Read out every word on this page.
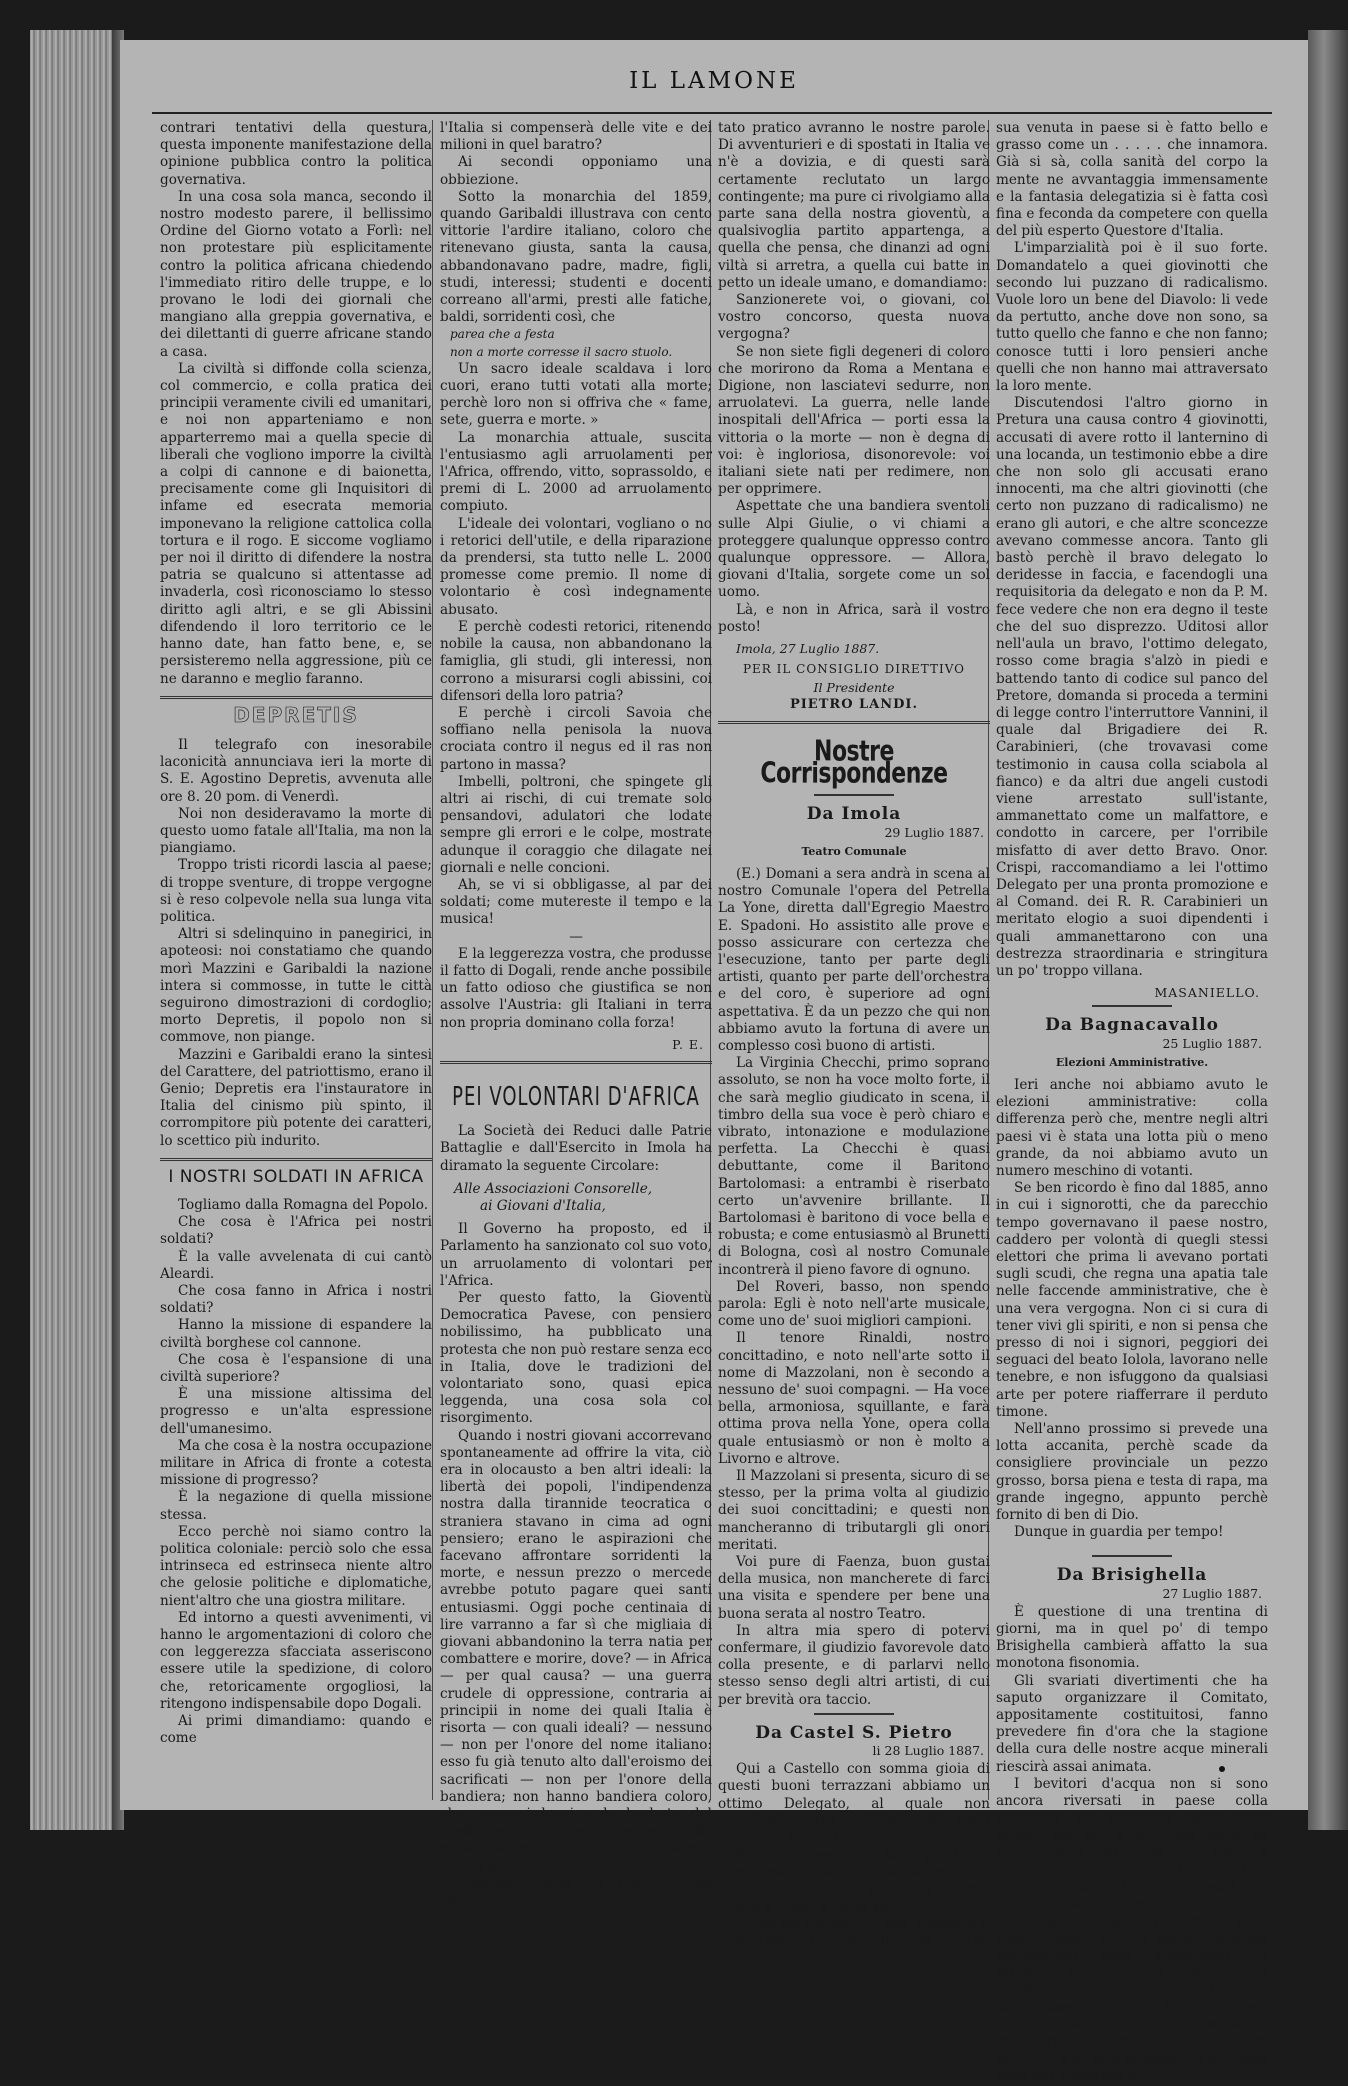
IL LAMONE

contrari tentativi della questura, questa imponente manifestazione della opinione pubblica contro la politica governativa.

In una cosa sola manca, secondo il nostro modesto parere, il bellissimo Ordine del Giorno votato a Forlì: nel non protestare più esplicitamente contro la politica africana chiedendo l'immediato ritiro delle truppe, e lo provano le lodi dei giornali che mangiano alla greppia governativa, e dei dilettanti di guerre africane stando a casa.

La civiltà si diffonde colla scienza, col commercio, e colla pratica dei principii veramente civili ed umanitari, e noi non apparteniamo e non apparterremo mai a quella specie di liberali che vogliono imporre la civiltà a colpi di cannone e di baionetta, precisamente come gli Inquisitori di infame ed esecrata memoria imponevano la religione cattolica colla tortura e il rogo. E siccome vogliamo per noi il diritto di difendere la nostra patria se qualcuno si attentasse ad invaderla, così riconosciamo lo stesso diritto agli altri, e se gli Abissini difendendo il loro territorio ce le hanno date, han fatto bene, e, se persisteremo nella aggressione, più ce ne daranno e meglio faranno.

DEPRETIS

Il telegrafo con inesorabile laconicità annunciava ieri la morte di S. E. Agostino Depretis, avvenuta alle ore 8. 20 pom. di Venerdì.

Noi non desideravamo la morte di questo uomo fatale all'Italia, ma non la piangiamo.

Troppo tristi ricordi lascia al paese; di troppe sventure, di troppe vergogne si è reso colpevole nella sua lunga vita politica.

Altri si sdelinquino in panegirici, in apoteosi: noi constatiamo che quando morì Mazzini e Garibaldi la nazione intera si commosse, in tutte le città seguirono dimostrazioni di cordoglio; morto Depretis, il popolo non si commove, non piange.

Mazzini e Garibaldi erano la sintesi del Carattere, del patriottismo, erano il Genio; Depretis era l'instauratore in Italia del cinismo più spinto, il corrompitore più potente dei caratteri, lo scettico più indurito.

I NOSTRI SOLDATI IN AFRICA

Togliamo dalla Romagna del Popolo.

Che cosa è l'Africa pei nostri soldati?

È la valle avvelenata di cui cantò Aleardi.

Che cosa fanno in Africa i nostri soldati?

Hanno la missione di espandere la civiltà borghese col cannone.

Che cosa è l'espansione di una civiltà superiore?

È una missione altissima del progresso e un'alta espressione dell'umanesimo.

Ma che cosa è la nostra occupazione militare in Africa di fronte a cotesta missione di progresso?

È la negazione di quella missione stessa.

Ecco perchè noi siamo contro la politica coloniale: perciò solo che essa intrinseca ed estrinseca niente altro che gelosie politiche e diplomatiche, nient'altro che una giostra militare.

Ed intorno a questi avvenimenti, vi hanno le argomentazioni di coloro che con leggerezza sfacciata asseriscono essere utile la spedizione, di coloro che, retoricamente orgogliosi, la ritengono indispensabile dopo Dogali.

Ai primi dimandiamo: quando e come

l'Italia si compenserà delle vite e dei milioni in quel baratro?

Ai secondi opponiamo una obbiezione.

Sotto la monarchia del 1859, quando Garibaldi illustrava con cento vittorie l'ardire italiano, coloro che ritenevano giusta, santa la causa, abbandonavano padre, madre, figli, studi, interessi; studenti e docenti correano all'armi, presti alle fatiche, baldi, sorridenti così, che

parea che a festa

non a morte corresse il sacro stuolo.

Un sacro ideale scaldava i loro cuori, erano tutti votati alla morte; perchè loro non si offriva che « fame, sete, guerra e morte. »

La monarchia attuale, suscita l'entusiasmo agli arruolamenti per l'Africa, offrendo, vitto, soprassoldo, e premi di L. 2000 ad arruolamento compiuto.

L'ideale dei volontari, vogliano o no i retorici dell'utile, e della riparazione da prendersi, sta tutto nelle L. 2000 promesse come premio. Il nome di volontario è così indegnamente abusato.

E perchè codesti retorici, ritenendo nobile la causa, non abbandonano la famiglia, gli studi, gli interessi, non corrono a misurarsi cogli abissini, coi difensori della loro patria?

E perchè i circoli Savoia che soffiano nella penisola la nuova crociata contro il negus ed il ras non partono in massa?

Imbelli, poltroni, che spingete gli altri ai rischi, di cui tremate solo pensandovi, adulatori che lodate sempre gli errori e le colpe, mostrate adunque il coraggio che dilagate nei giornali e nelle concioni.

Ah, se vi si obbligasse, al par dei soldati; come mutereste il tempo e la musica!

—

E la leggerezza vostra, che produsse il fatto di Dogali, rende anche possibile un fatto odioso che giustifica se non assolve l'Austria: gli Italiani in terra non propria dominano colla forza!

P. E.
PEI VOLONTARI D'AFRICA

La Società dei Reduci dalle Patrie Battaglie e dall'Esercito in Imola ha diramato la seguente Circolare:

Alle Associazioni Consorelle,

ai Giovani d'Italia,

Il Governo ha proposto, ed il Parlamento ha sanzionato col suo voto, un arruolamento di volontari per l'Africa.

Per questo fatto, la Gioventù Democratica Pavese, con pensiero nobilissimo, ha pubblicato una protesta che non può restare senza eco in Italia, dove le tradizioni del volontariato sono, quasi epica leggenda, una cosa sola col risorgimento.

Quando i nostri giovani accorrevano spontaneamente ad offrire la vita, ciò era in olocausto a ben altri ideali: la libertà dei popoli, l'indipendenza nostra dalla tirannide teocratica o straniera stavano in cima ad ogni pensiero; erano le aspirazioni che facevano affrontare sorridenti la morte, e nessun prezzo o mercede avrebbe potuto pagare quei santi entusiasmi. Oggi poche centinaia di lire varranno a far sì che migliaia di giovani abbandonino la terra natia per combattere e morire, dove? — in Africa — per qual causa? — una guerra crudele di oppressione, contraria ai principii in nome dei quali Italia è risorta — con quali ideali? — nessuno — non per l'onore del nome italiano: esso fu già tenuto alto dall'eroismo dei sacrificati — non per l'onore della bandiera; non hanno bandiera coloro, che, come i lanzi e le barbute del medio evo, o come i mercenari del papa, mettono a prezzo il loro braccio; in una parola, sono assoldati.

Sappiamo bene che poco o niun risul-

tato pratico avranno le nostre parole. Di avventurieri e di spostati in Italia ve n'è a dovizia, e di questi sarà certamente reclutato un largo contingente; ma pure ci rivolgiamo alla parte sana della nostra gioventù, a qualsivoglia partito appartenga, a quella che pensa, che dinanzi ad ogni viltà si arretra, a quella cui batte in petto un ideale umano, e domandiamo:

Sanzionerete voi, o giovani, col vostro concorso, questa nuova vergogna?

Se non siete figli degeneri di coloro che morirono da Roma a Mentana e Digione, non lasciatevi sedurre, non arruolatevi. La guerra, nelle lande inospitali dell'Africa — porti essa la vittoria o la morte — non è degna di voi: è ingloriosa, disonorevole: voi italiani siete nati per redimere, non per opprimere.

Aspettate che una bandiera sventoli sulle Alpi Giulie, o vi chiami a proteggere qualunque oppresso contro qualunque oppressore. — Allora, giovani d'Italia, sorgete come un sol uomo.

Là, e non in Africa, sarà il vostro posto!

Imola, 27 Luglio 1887.

PER IL CONSIGLIO DIRETTIVO
Il Presidente
PIETRO LANDI.
Nostre Corrispondenze
Da Imola
29 Luglio 1887.
Teatro Comunale

(E.) Domani a sera andrà in scena al nostro Comunale l'opera del Petrella La Yone, diretta dall'Egregio Maestro E. Spadoni. Ho assistito alle prove e posso assicurare con certezza che l'esecuzione, tanto per parte degli artisti, quanto per parte dell'orchestra e del coro, è superiore ad ogni aspettativa. È da un pezzo che qui non abbiamo avuto la fortuna di avere un complesso così buono di artisti.

La Virginia Checchi, primo soprano assoluto, se non ha voce molto forte, il che sarà meglio giudicato in scena, il timbro della sua voce è però chiaro e vibrato, intonazione e modulazione perfetta. La Checchi è quasi debuttante, come il Baritono Bartolomasi: a entrambi è riserbato certo un'avvenire brillante. Il Bartolomasi è baritono di voce bella e robusta; e come entusiasmò al Brunetti di Bologna, così al nostro Comunale incontrerà il pieno favore di ognuno.

Del Roveri, basso, non spendo parola: Egli è noto nell'arte musicale, come uno de' suoi migliori campioni.

Il tenore Rinaldi, nostro concittadino, e noto nell'arte sotto il nome di Mazzolani, non è secondo a nessuno de' suoi compagni. — Ha voce bella, armoniosa, squillante, e farà ottima prova nella Yone, opera colla quale entusiasmò or non è molto a Livorno e altrove.

Il Mazzolani si presenta, sicuro di se stesso, per la prima volta al giudizio dei suoi concittadini; e questi non mancheranno di tributargli gli onori meritati.

Voi pure di Faenza, buon gustai della musica, non mancherete di farci una visita e spendere per bene una buona serata al nostro Teatro.

In altra mia spero di potervi confermare, il giudizio favorevole dato colla presente, e di parlarvi nello stesso senso degli altri artisti, di cui per brevità ora taccio.

Da Castel S. Pietro
li 28 Luglio 1887.

Qui a Castello con somma gioia di questi buoni terrazzani abbiamo un ottimo Delegato, al quale non mancherà certo coll'aiuto dei santi protettori una brillante carriera.

Il nostro paese è in fama per l'aria purissima, l'acque eccellenti, e raccomandatissimo per chi voglia vivere a lungo e far la pancia.

E che sia ciò vero lo può attestare il nostro bravo Delegato, il quale dopo la

sua venuta in paese si è fatto bello e grasso come un . . . . . che innamora. Già si sà, colla sanità del corpo la mente ne avvantaggia immensamente e la fantasia delegatizia si è fatta così fina e feconda da competere con quella del più esperto Questore d'Italia.

L'imparzialità poi è il suo forte. Domandatelo a quei giovinotti che secondo lui puzzano di radicalismo. Vuole loro un bene del Diavolo: li vede da pertutto, anche dove non sono, sa tutto quello che fanno e che non fanno; conosce tutti i loro pensieri anche quelli che non hanno mai attraversato la loro mente.

Discutendosi l'altro giorno in Pretura una causa contro 4 giovinotti, accusati di avere rotto il lanternino di una locanda, un testimonio ebbe a dire che non solo gli accusati erano innocenti, ma che altri giovinotti (che certo non puzzano di radicalismo) ne erano gli autori, e che altre sconcezze avevano commesse ancora. Tanto gli bastò perchè il bravo delegato lo deridesse in faccia, e facendogli una requisitoria da delegato e non da P. M. fece vedere che non era degno il teste che del suo disprezzo. Uditosi allor nell'aula un bravo, l'ottimo delegato, rosso come bragia s'alzò in piedi e battendo tanto di codice sul panco del Pretore, domanda si proceda a termini di legge contro l'interruttore Vannini, il quale dal Brigadiere dei R. Carabinieri, (che trovavasi come testimonio in causa colla sciabola al fianco) e da altri due angeli custodi viene arrestato sull'istante, ammanettato come un malfattore, e condotto in carcere, per l'orribile misfatto di aver detto Bravo. Onor. Crispi, raccomandiamo a lei l'ottimo Delegato per una pronta promozione e al Comand. dei R. R. Carabinieri un meritato elogio a suoi dipendenti i quali ammanettarono con una destrezza straordinaria e stringitura un po' troppo villana.

MASANIELLO.
Da Bagnacavallo
25 Luglio 1887.
Elezioni Amministrative.

Ieri anche noi abbiamo avuto le elezioni amministrative: colla differenza però che, mentre negli altri paesi vi è stata una lotta più o meno grande, da noi abbiamo avuto un numero meschino di votanti.

Se ben ricordo è fino dal 1885, anno in cui i signorotti, che da parecchio tempo governavano il paese nostro, caddero per volontà di quegli stessi elettori che prima li avevano portati sugli scudi, che regna una apatia tale nelle faccende amministrative, che è una vera vergogna. Non ci si cura di tener vivi gli spiriti, e non si pensa che presso di noi i signori, peggiori dei seguaci del beato Iolola, lavorano nelle tenebre, e non isfuggono da qualsiasi arte per potere riafferrare il perduto timone.

Nell'anno prossimo si prevede una lotta accanita, perchè scade da consigliere provinciale un pezzo grosso, borsa piena e testa di rapa, ma grande ingegno, appunto perchè fornito di ben di Dio.

Dunque in guardia per tempo!

Da Brisighella
27 Luglio 1887.

È questione di una trentina di giorni, ma in quel po' di tempo Brisighella cambierà affatto la sua monotona fisonomia.

Gli svariati divertimenti che ha saputo organizzare il Comitato, appositamente costituitosi, fanno prevedere fin d'ora che la stagione della cura delle nostre acque minerali riescirà assai animata.

I bevitori d'acqua non si sono ancora riversati in paese colla precocità ed affluenza degli anni scorsi, ma ciò è più che altro da attribuirsi al ritardo dei calori estivi, e conseguentemente al subito rallentamento dei lavori campestri.

Fra pochi giorni gli accenti cadenzati del dialetto Ravegnano ed il rumore degli zoccoli indiscretamente naccheranti sugli acciottolati, ci faranno tosto sapire che anche quest'anno le basse valli del Senio, della Marecchia e del Ronco, si sono spogliate dei loro abitanti, desiderosi di riparare alle fatiche di un lavoro diuturno e all'aria miasmatica di quelle zone per respirare a
